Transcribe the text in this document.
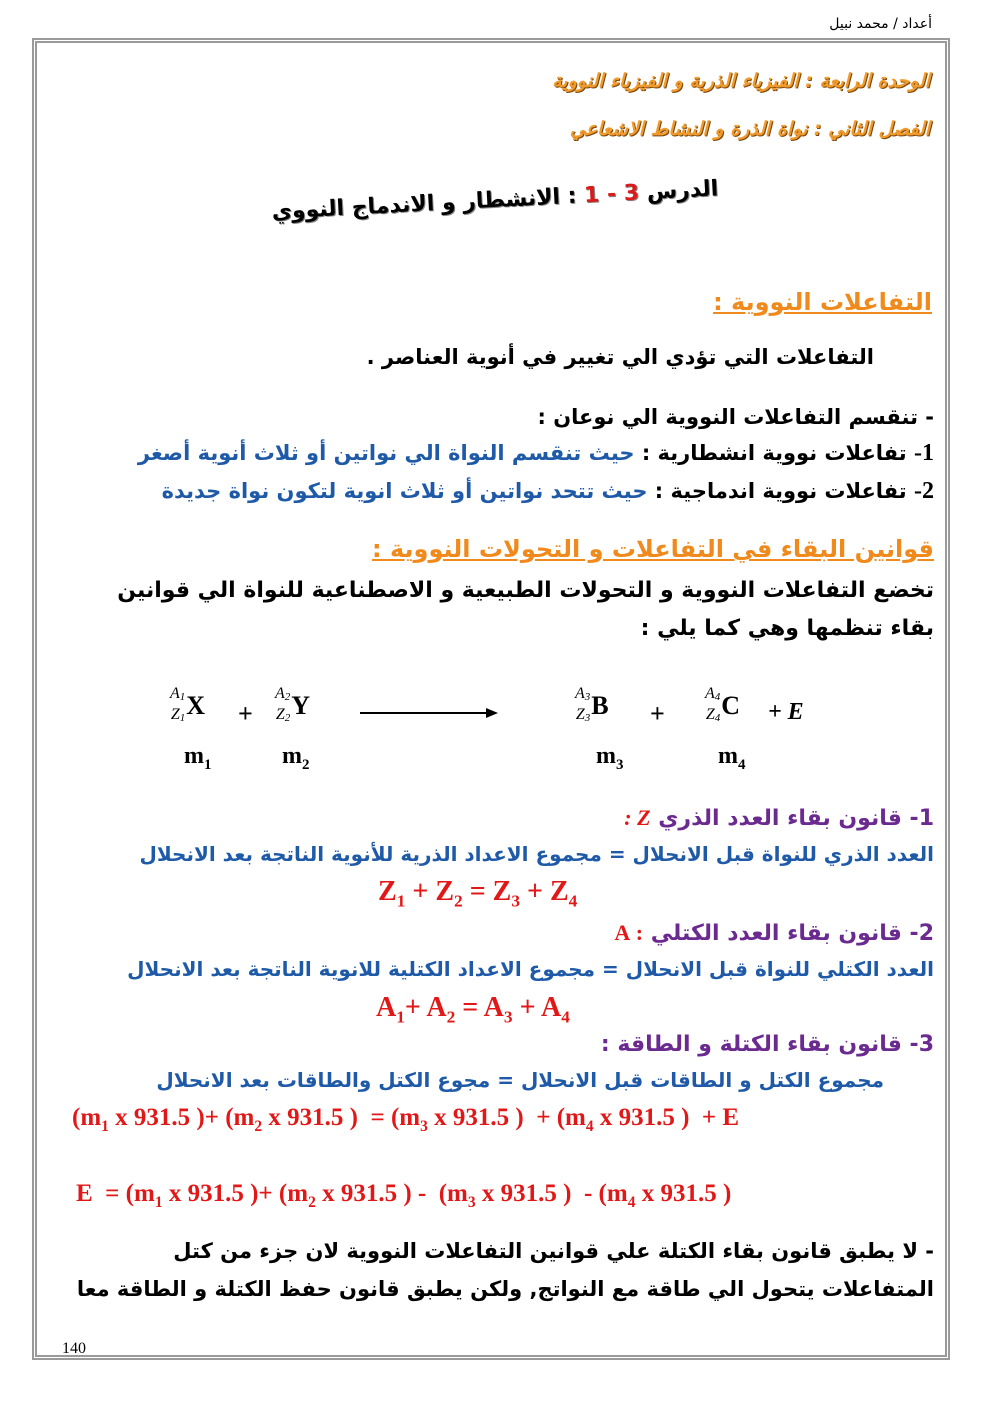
أعداد / محمد نبيل
الوحدة الرابعة : الفيزياء الذرية و الفيزياء النووية
الفصل الثاني : نواة الذرة و النشاط الاشعاعي
الدرس 3 - 1 : الانشطار و الاندماج النووي
التفاعلات النووية :
التفاعلات التي تؤدي الي تغيير في أنوية العناصر .
- تنقسم التفاعلات النووية الي نوعان :
1- تفاعلات نووية انشطارية : حيث تنقسم النواة الي نواتين أو ثلاث أنوية أصغر
2- تفاعلات نووية اندماجية : حيث تتحد نواتين أو ثلاث انوية لتكون نواة جديدة
قوانين البقاء في التفاعلات و التحولات النووية :
تخضع التفاعلات النووية و التحولات الطبيعية و الاصطناعية للنواة الي قوانين بقاء تنظمها وهي كما يلي :
$A_1$
$Z_1$ X +
$A_2$
$Z_2$ Y	$A_3$
$Z_3$ B +
$A_4$
$Z_4$ C + E
$m_1$	$m_2$	$m_3$	$m_4$
1- قانون بقاء العدد الذري Z :
العدد الذري للنواة قبل الانحلال = مجموع الاعداد الذرية للأنوية الناتجة بعد الانحلال
$Z_1 + Z_2 = Z_3 + Z_4$
2- قانون بقاء العدد الكتلي : A
العدد الكتلي للنواة قبل الانحلال = مجموع الاعداد الكتلية للانوية الناتجة بعد الانحلال
$A_1+ A_2 = A_3 + A_4$
3- قانون بقاء الكتلة و الطاقة :
مجموع الكتل و الطاقات قبل الانحلال = مجوع الكتل والطاقات بعد الانحلال
($m_1$ x 931.5 )+ ($m_2$ x 931.5 )  = ($m_3$ x 931.5 )  + ($m_4$ x 931.5 )  + E
$E = (m_1$ x 931.5 )+ ($m_2$ x 931.5 ) -  ($m_3$ x 931.5 )  - ($m_4$ x 931.5 )
- لا يطبق قانون بقاء الكتلة علي قوانين التفاعلات النووية لان جزء من كتل المتفاعلات يتحول الي طاقة مع النواتج, ولكن يطبق قانون حفظ الكتلة و الطاقة معا
140
